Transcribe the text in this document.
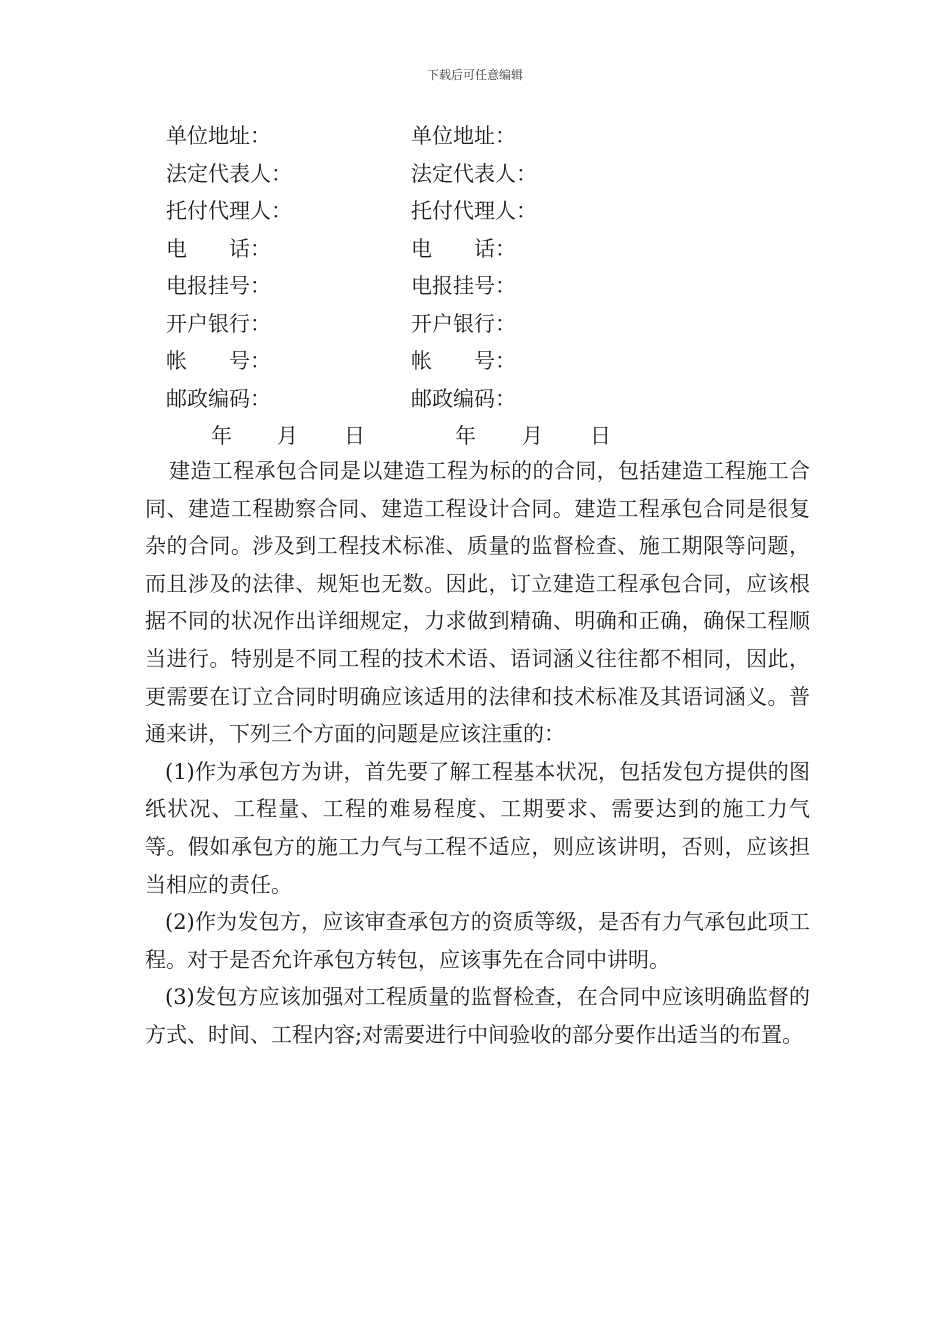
下载后可任意编辑
单位地址：	单位地址：
法定代表人：	法定代表人：
托付代理人：	托付代理人：
电　　话：	电　　话：
电报挂号：	电报挂号：
开户银行：	开户银行：
帐　　号：	帐　　号：
邮政编码：	邮政编码：
年 月 日	年 月 日

建造工程承包合同是以建造工程为标的的合同，包括建造工程施工合同、建造工程勘察合同、建造工程设计合同。建造工程承包合同是很复杂的合同。涉及到工程技术标准、质量的监督检查、施工期限等问题，而且涉及的法律、规矩也无数。因此，订立建造工程承包合同，应该根据不同的状况作出详细规定，力求做到精确、明确和正确，确保工程顺当进行。特别是不同工程的技术术语、语词涵义往往都不相同，因此，更需要在订立合同时明确应该适用的法律和技术标准及其语词涵义。普通来讲，下列三个方面的问题是应该注重的：

(1)作为承包方为讲，首先要了解工程基本状况，包括发包方提供的图纸状况、工程量、工程的难易程度、工期要求、需要达到的施工力气等。假如承包方的施工力气与工程不适应，则应该讲明，否则，应该担当相应的责任。

(2)作为发包方，应该审查承包方的资质等级，是否有力气承包此项工程。对于是否允许承包方转包，应该事先在合同中讲明。

(3)发包方应该加强对工程质量的监督检查，在合同中应该明确监督的方式、时间、工程内容;对需要进行中间验收的部分要作出适当的布置。
